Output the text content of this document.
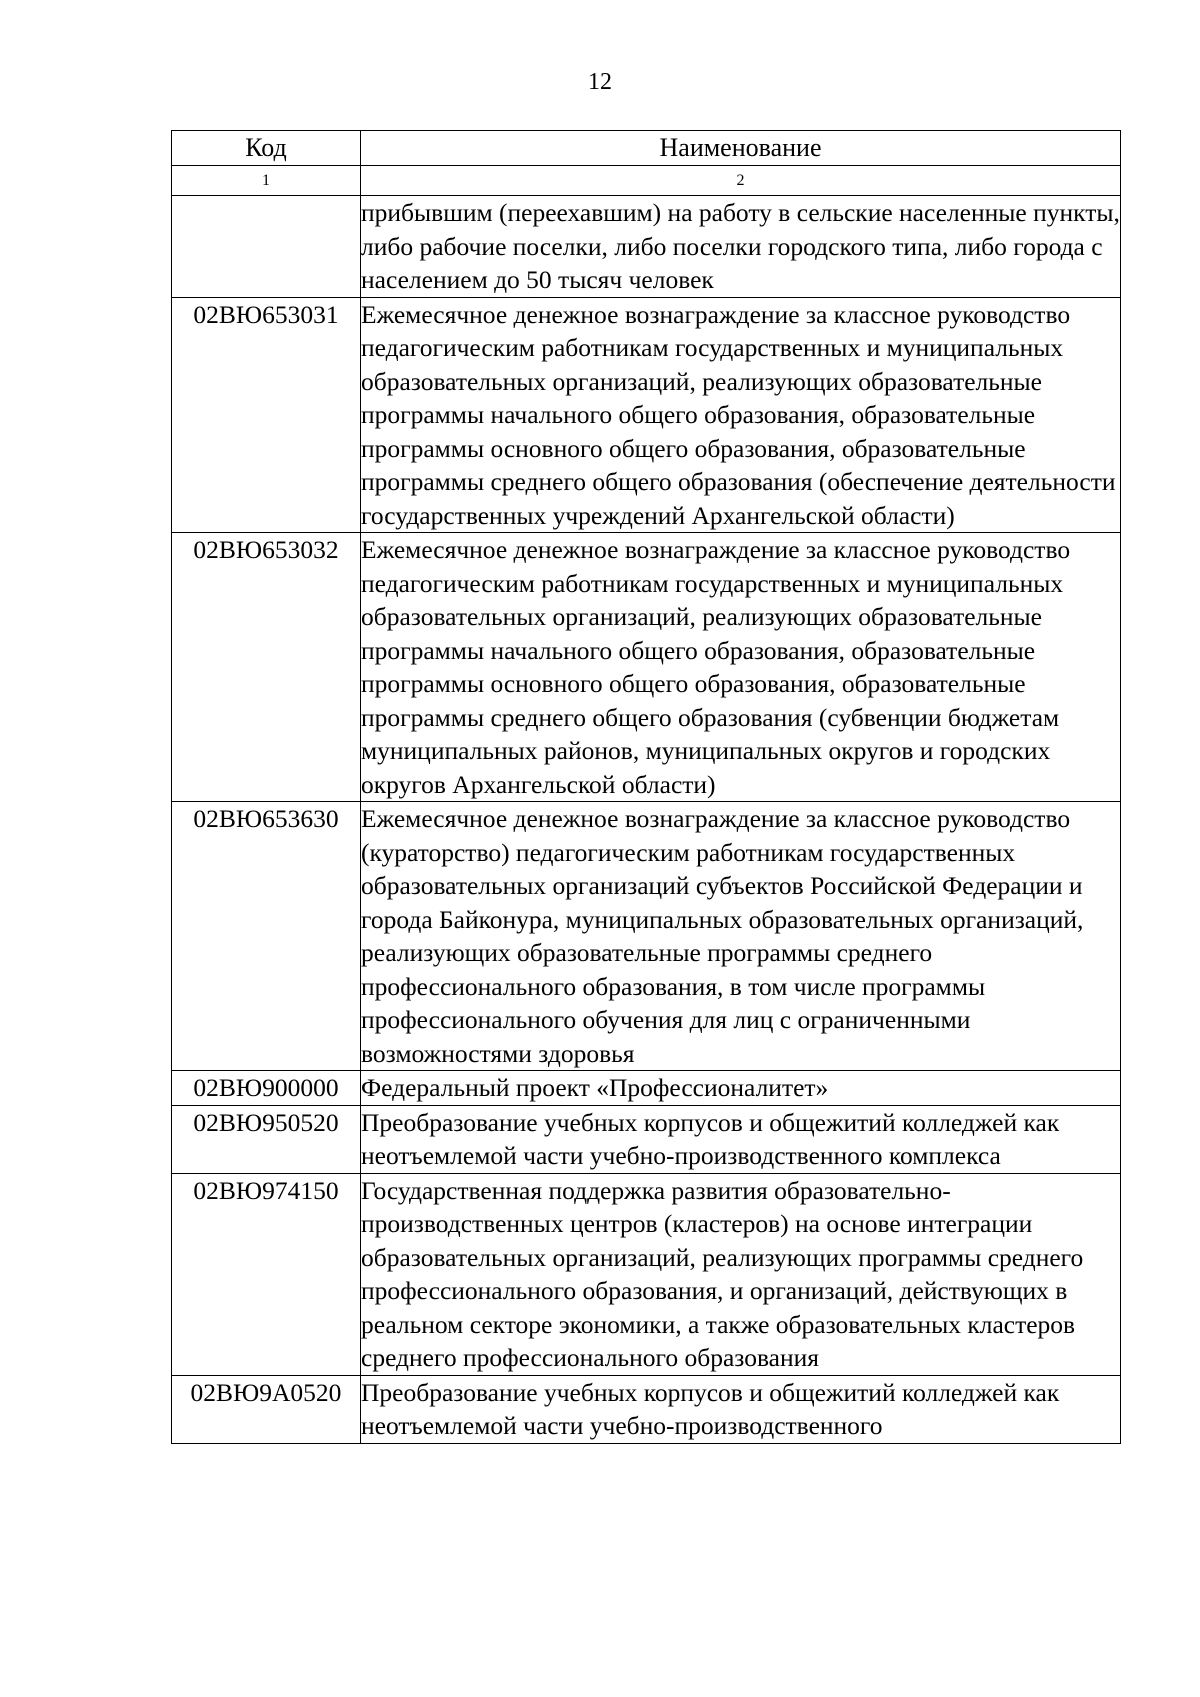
12
Код	Наименование
1	2
	прибывшим (переехавшим) на работу в сельские населенные пункты, либо рабочие поселки, либо поселки городского типа, либо города с населением до 50 тысяч человек
02ВЮ653031	Ежемесячное денежное вознаграждение за классное руководство педагогическим работникам государственных и муниципальных образовательных организаций, реализующих образовательные программы начального общего образования, образовательные программы основного общего образования, образовательные программы среднего общего образования (обеспечение деятельности государственных учреждений Архангельской области)
02ВЮ653032	Ежемесячное денежное вознаграждение за классное руководство педагогическим работникам государственных и муниципальных образовательных организаций, реализующих образовательные программы начального общего образования, образовательные программы основного общего образования, образовательные программы среднего общего образования (субвенции бюджетам муниципальных районов, муниципальных округов и городских округов Архангельской области)
02ВЮ653630	Ежемесячное денежное вознаграждение за классное руководство (кураторство) педагогическим работникам государственных образовательных организаций субъектов Российской Федерации и города Байконура, муниципальных образовательных организаций, реализующих образовательные программы среднего профессионального образования, в том числе программы профессионального обучения для лиц с ограниченными возможностями здоровья
02ВЮ900000	Федеральный проект «Профессионалитет»
02ВЮ950520	Преобразование учебных корпусов и общежитий колледжей как неотъемлемой части учебно-производственного комплекса
02ВЮ974150	Государственная поддержка развития образовательно-производственных центров (кластеров) на основе интеграции образовательных организаций, реализующих программы среднего профессионального образования, и организаций, действующих в реальном секторе экономики, а также образовательных кластеров среднего профессионального образования
02ВЮ9А0520	Преобразование учебных корпусов и общежитий колледжей как неотъемлемой части учебно-производственного
